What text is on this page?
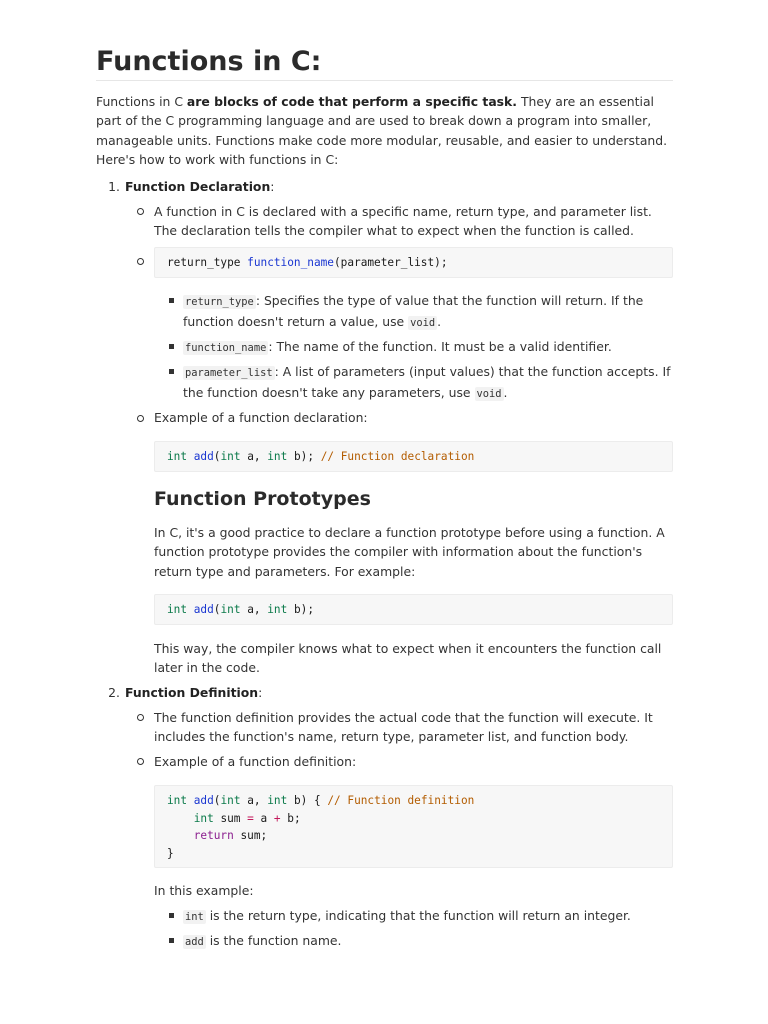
Functions in C:

Functions in C are blocks of code that perform a specific task. They are an essential part of the C programming language and are used to break down a program into smaller, manageable units. Functions make code more modular, reusable, and easier to understand. Here's how to work with functions in C:

1. Function Declaration:

A function in C is declared with a specific name, return type, and parameter list. The declaration tells the compiler what to expect when the function is called.

return_type function_name(parameter_list);

return_type : Specifies the type of value that the function will return. If the function doesn't return a value, use void .

function_name : The name of the function. It must be a valid identifier.

parameter_list : A list of parameters (input values) that the function accepts. If the function doesn't take any parameters, use void .

Example of a function declaration:

int add(int a, int b); // Function declaration
Function Prototypes

In C, it's a good practice to declare a function prototype before using a function. A function prototype provides the compiler with information about the function's return type and parameters. For example:

int add(int a, int b);

This way, the compiler knows what to expect when it encounters the function call later in the code.

2. Function Definition:

The function definition provides the actual code that the function will execute. It includes the function's name, return type, parameter list, and function body.

Example of a function definition:

int add(int a, int b) { // Function definition
int sum = a + b;
return sum;
}

In this example:

int is the return type, indicating that the function will return an integer.

add is the function name.
